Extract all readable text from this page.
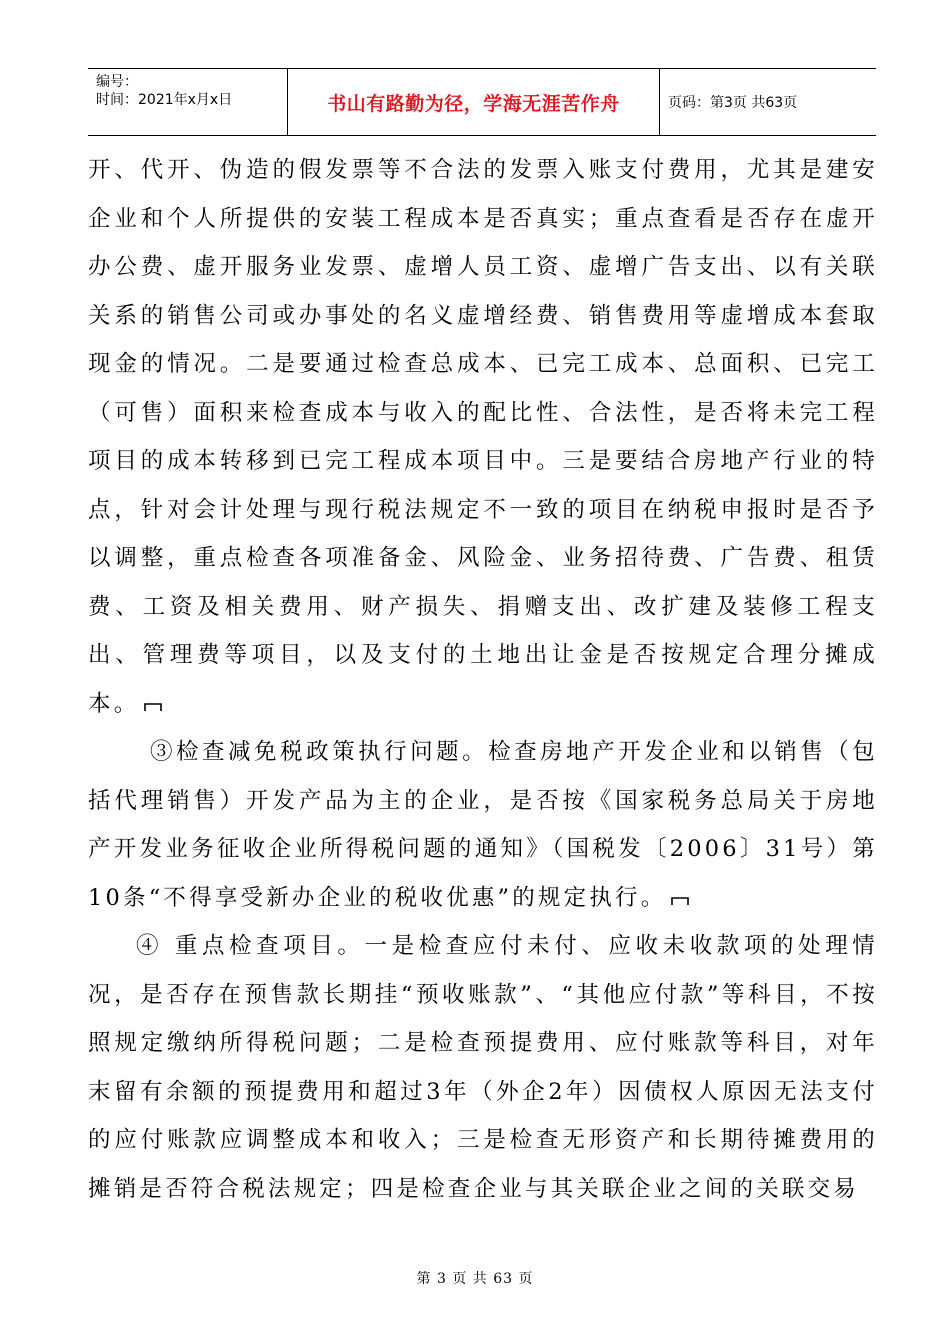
编号：
时间：2021年x月x日	书山有路勤为径，学海无涯苦作舟	页码：第3页 共63页

开、代开、伪造的假发票等不合法的发票入账支付费用，尤其是建安企业和个人所提供的安装工程成本是否真实；重点查看是否存在虚开办公费、虚开服务业发票、虚增人员工资、虚增广告支出、以有关联关系的销售公司或办事处的名义虚增经费、销售费用等虚增成本套取现金的情况。二是要通过检查总成本、已完工成本、总面积、已完工（可售）面积来检查成本与收入的配比性、合法性，是否将未完工程项目的成本转移到已完工程成本项目中。三是要结合房地产行业的特点，针对会计处理与现行税法规定不一致的项目在纳税申报时是否予以调整，重点检查各项准备金、风险金、业务招待费、广告费、租赁费、工资及相关费用、财产损失、捐赠支出、改扩建及装修工程支出、管理费等项目，以及支付的土地出让金是否按规定合理分摊成本。

③检查减免税政策执行问题。检查房地产开发企业和以销售（包括代理销售）开发产品为主的企业，是否按《国家税务总局关于房地产开发业务征收企业所得税问题的通知》（国税发〔2006〕31号）第10条“不得享受新办企业的税收优惠”的规定执行。

④ 重点检查项目。一是检查应付未付、应收未收款项的处理情况，是否存在预售款长期挂“预收账款”、“其他应付款”等科目，不按照规定缴纳所得税问题；二是检查预提费用、应付账款等科目，对年末留有余额的预提费用和超过3年（外企2年）因债权人原因无法支付的应付账款应调整成本和收入；三是检查无形资产和长期待摊费用的摊销是否符合税法规定；四是检查企业与其关联企业之间的关联交易

第 3 页 共 63 页
